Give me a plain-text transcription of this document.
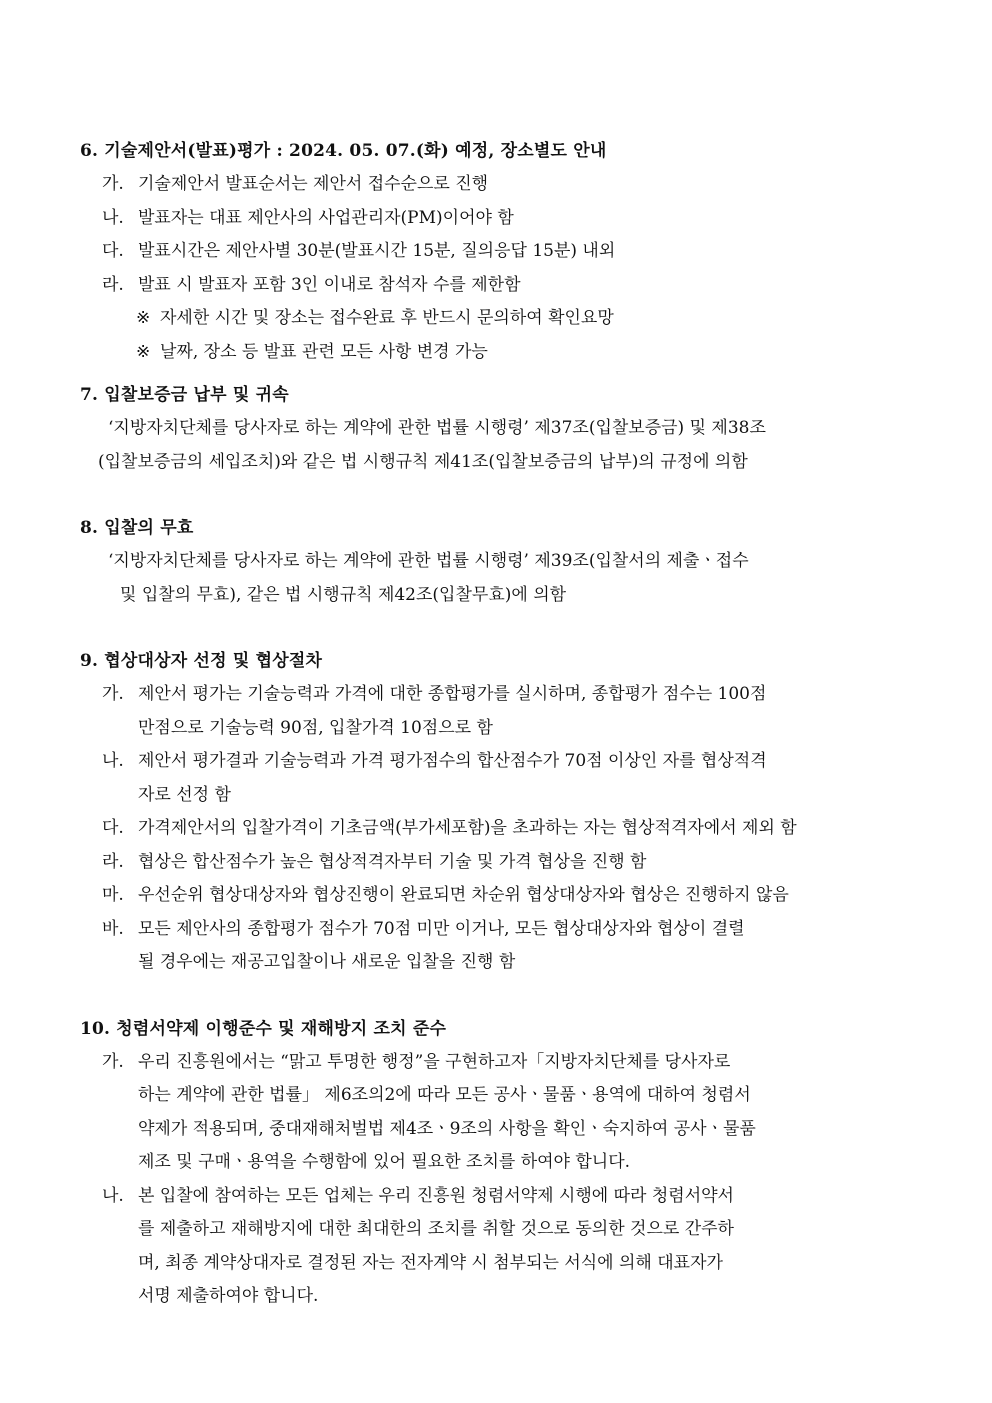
6. 기술제안서(발표)평가 : 2024. 05. 07.(화) 예정, 장소별도 안내
가. 기술제안서 발표순서는 제안서 접수순으로 진행
나. 발표자는 대표 제안사의 사업관리자(PM)이어야 함
다. 발표시간은 제안사별 30분(발표시간 15분, 질의응답 15분) 내외
라. 발표 시 발표자 포함 3인 이내로 참석자 수를 제한함
※ 자세한 시간 및 장소는 접수완료 후 반드시 문의하여 확인요망
※ 날짜, 장소 등 발표 관련 모든 사항 변경 가능
7. 입찰보증금 납부 및 귀속
‘지방자치단체를 당사자로 하는 계약에 관한 법률 시행령’ 제37조(입찰보증금) 및 제38조
(입찰보증금의 세입조치)와 같은 법 시행규칙 제41조(입찰보증금의 납부)의 규정에 의함
8. 입찰의 무효
‘지방자치단체를 당사자로 하는 계약에 관한 법률 시행령’ 제39조(입찰서의 제출ㆍ접수
및 입찰의 무효), 같은 법 시행규칙 제42조(입찰무효)에 의함
9. 협상대상자 선정 및 협상절차
가. 제안서 평가는 기술능력과 가격에 대한 종합평가를 실시하며, 종합평가 점수는 100점
만점으로 기술능력 90점, 입찰가격 10점으로 함
나. 제안서 평가결과 기술능력과 가격 평가점수의 합산점수가 70점 이상인 자를 협상적격
자로 선정 함
다. 가격제안서의 입찰가격이 기초금액(부가세포함)을 초과하는 자는 협상적격자에서 제외 함
라. 협상은 합산점수가 높은 협상적격자부터 기술 및 가격 협상을 진행 함
마. 우선순위 협상대상자와 협상진행이 완료되면 차순위 협상대상자와 협상은 진행하지 않음
바. 모든 제안사의 종합평가 점수가 70점 미만 이거나, 모든 협상대상자와 협상이 결렬
될 경우에는 재공고입찰이나 새로운 입찰을 진행 함
10. 청렴서약제 이행준수 및 재해방지 조치 준수
가. 우리 진흥원에서는 “맑고 투명한 행정”을 구현하고자「지방자치단체를 당사자로
하는 계약에 관한 법률」 제6조의2에 따라 모든 공사ㆍ물품ㆍ용역에 대하여 청렴서
약제가 적용되며, 중대재해처벌법 제4조ㆍ9조의 사항을 확인ㆍ숙지하여 공사ㆍ물품
제조 및 구매ㆍ용역을 수행함에 있어 필요한 조치를 하여야 합니다.
나. 본 입찰에 참여하는 모든 업체는 우리 진흥원 청렴서약제 시행에 따라 청렴서약서
를 제출하고 재해방지에 대한 최대한의 조치를 취할 것으로 동의한 것으로 간주하
며, 최종 계약상대자로 결정된 자는 전자계약 시 첨부되는 서식에 의해 대표자가
서명 제출하여야 합니다.
